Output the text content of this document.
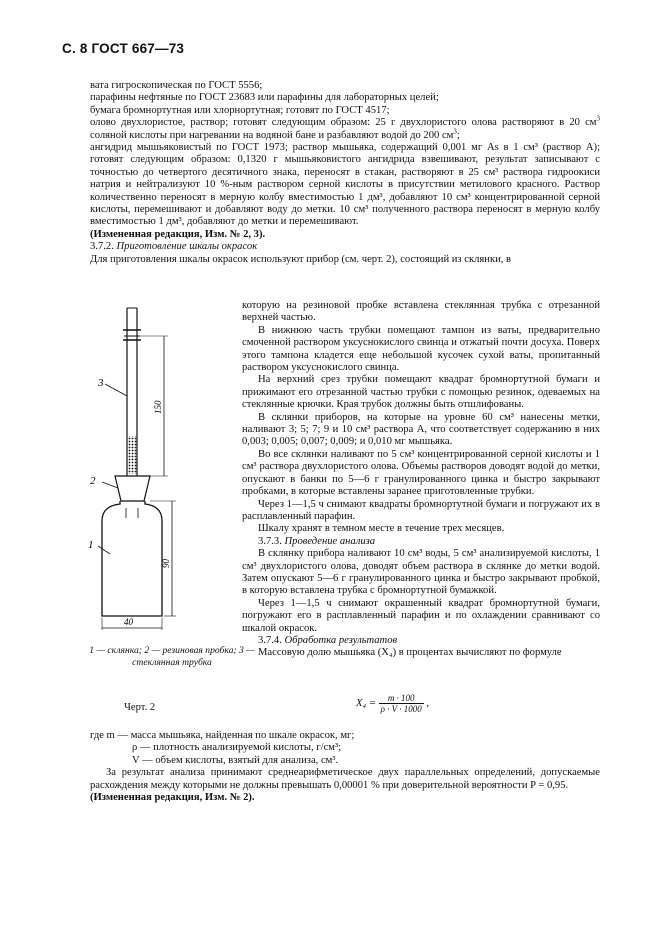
С. 8 ГОСТ 667—73

вата гигроскопическая по ГОСТ 5556;

парафины нефтяные по ГОСТ 23683 или парафины для лабораторных целей;

бумага бромнортутная или хлорнортутная; готовят по ГОСТ 4517;

олово двухлористое, раствор; готовят следующим образом: 25 г двухлористого олова растворяют в 20 $см^3$ соляной кислоты при нагревании на водяной бане и разбавляют водой до 200 $см^3$;

ангидрид мышьяковистый по ГОСТ 1973; раствор мышьяка, содержащий 0,001 мг As в 1 см³ (раствор А); готовят следующим образом: 0,1320 г мышьяковистого ангидрида взвешивают, результат записывают с точностью до четвертого десятичного знака, переносят в стакан, растворяют в 25 см³ раствора гидроокиси натрия и нейтрализуют 10 %-ным раствором серной кислоты в присутствии метилового красного. Раствор количественно переносят в мерную колбу вместимостью 1 дм³, добавляют 10 см³ концентрированной серной кислоты, перемешивают и добавляют воду до метки. 10 см³ полученного раствора переносят в мерную колбу вместимостью 1 дм³, добавляют до метки и перемешивают.

(Измененная редакция, Изм. № 2, 3).

3.7.2. Приготовление шкалы окрасок

Для приготовления шкалы окрасок используют прибор (см. черт. 2), состоящий из склянки, в

которую на резиновой пробке вставлена стеклянная трубка с отрезанной верхней частью.

В нижнюю часть трубки помещают тампон из ваты, предварительно смоченной раствором уксуснокислого свинца и отжатый почти досуха. Поверх этого тампона кладется еще небольшой кусочек сухой ваты, пропитанный раствором уксуснокислого свинца.

На верхний срез трубки помещают квадрат бромнортутной бумаги и прижимают его отрезанной частью трубки с помощью резинок, одеваемых на стеклянные крючки. Края трубок должны быть отшлифованы.

В склянки приборов, на которые на уровне 60 см³ нанесены метки, наливают 3; 5; 7; 9 и 10 см³ раствора А, что соответствует содержанию в них 0,003; 0,005; 0,007; 0,009; и 0,010 мг мышьяка.

Во все склянки наливают по 5 см³ концентрированной серной кислоты и 1 см³ раствора двухлористого олова. Объемы растворов доводят водой до метки, опускают в банки по 5—6 г гранулированного цинка и быстро закрывают пробками, в которые вставлены заранее приготовленные трубки.

Через 1—1,5 ч снимают квадраты бромнортутной бумаги и погружают их в расплавленный парафин.

Шкалу хранят в темном месте в течение трех месяцев.

3.7.3. Проведение анализа

В склянку прибора наливают 10 см³ воды, 5 см³ анализируемой кислоты, 1 см³ двухлористого олова, доводят объем раствора в склянке до метки водой. Затем опускают 5—6 г гранулированного цинка и быстро закрывают пробкой, в которую вставлена трубка с бромнортутной бумажкой.

Через 1—1,5 ч снимают окрашенный квадрат бромнортутной бумаги, погружают его в расплавленный парафин и по охлаждении сравнивают со шкалой окрасок.

3.7.4. Обработка результатов

Массовую долю мышьяка (X₄) в процентах вычисляют по формуле

3
2
1
150
90
40
1 — склянка; 2 — резиновая пробка; 3 — стеклянная трубка
Черт. 2	$X_4 = \frac{m \cdot 100}{\rho \cdot V \cdot 1000}$ ,

где m — масса мышьяка, найденная по шкале окрасок, мг;

ρ — плотность анализируемой кислоты, г/см³;

V — объем кислоты, взятый для анализа, см³.

За результат анализа принимают среднеарифметическое двух параллельных определений, допускаемые расхождения между которыми не должны превышать 0,00001 % при доверительной вероятности P = 0,95.

(Измененная редакция, Изм. № 2).
